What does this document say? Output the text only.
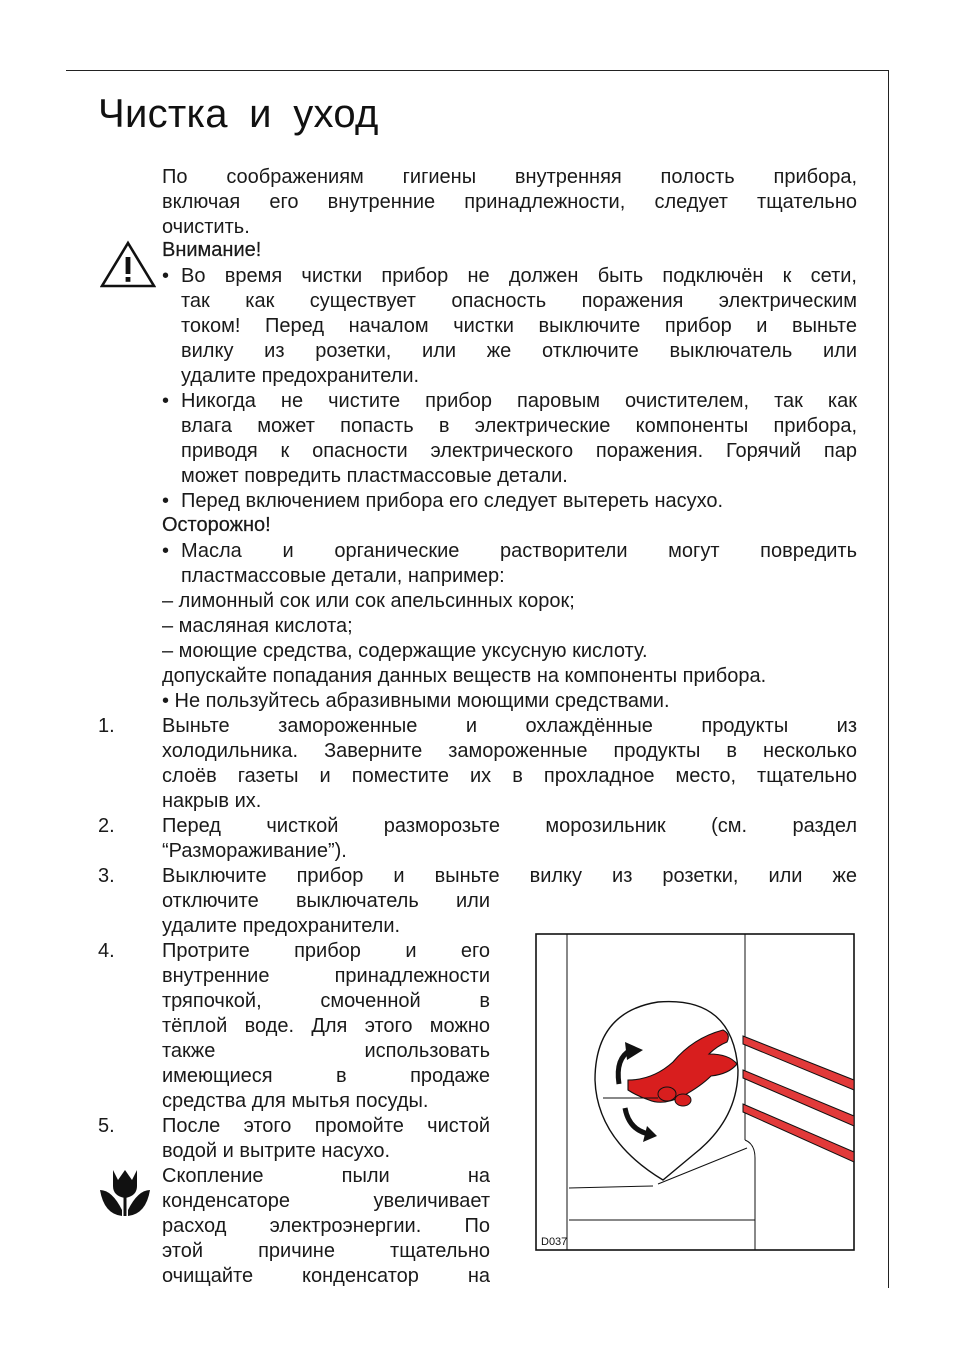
Чистка и уход

По соображениям гигиены внутренняя полость прибора,

включая его внутренние принадлежности, следует тщательно

очистить.

Внимание!
• Во время чистки прибор не должен быть подключён к сети,

так как существует опасность поражения электрическим

током! Перед началом чистки выключите прибор и выньте

вилку из розетки, или же отключите выключатель или

удалите предохранители.

• Никогда не чистите прибор паровым очистителем, так как

влага может попасть в электрические компоненты прибора,

приводя к опасности электрического поражения. Горячий пар

может повредить пластмассовые детали.

• Перед включением прибора его следует вытереть насухо.

Осторожно!
• Масла и органические растворители могут повредить

пластмассовые детали, например:

– лимонный сок или сок апельсинных корок;

– масляная кислота;

– моющие средства, содержащие уксусную кислоту.

допускайте попадания данных веществ на компоненты прибора.

• Не пользуйтесь абразивными моющими средствами.

1. Выньте замороженные и охлаждённые продукты из

холодильника. Заверните замороженные продукты в несколько

слоёв газеты и поместите их в прохладное место, тщательно

накрыв их.

2. Перед чисткой разморозьте морозильник (см. раздел

“Размораживание”).

3. Выключите прибор и выньте вилку из розетки, или же

отключите выключатель или

удалите предохранители.

4. Протрите прибор и его

внутренние принадлежности

тряпочкой, смоченной в

тёплой воде. Для этого можно

также использовать

имеющиеся в продаже

средства для мытья посуды.

5. После этого промойте чистой

водой и вытрите насухо.

Скопление пыли на

конденсаторе увеличивает

расход электроэнергии. По

этой причине тщательно

очищайте конденсатор на

D037
